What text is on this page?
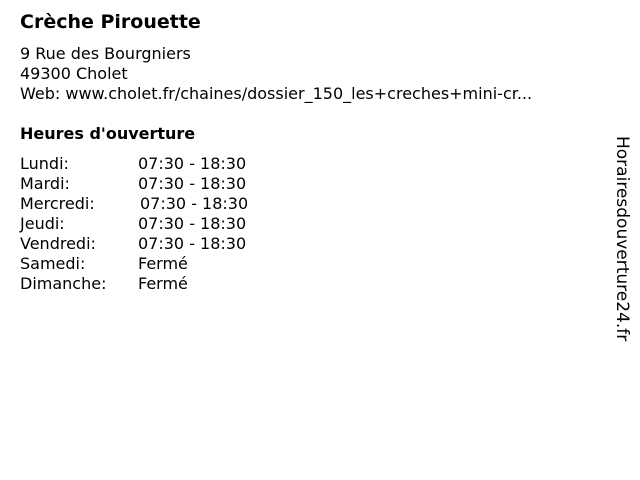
Crèche Pirouette
9 Rue des Bourgniers
49300 Cholet
Web: www.cholet.fr/chaines/dossier_150_les+creches+mini-cr...
Heures d'ouverture
Lundi:	07:30 - 18:30
Mardi:	07:30 - 18:30
Mercredi:	07:30 - 18:30
Jeudi:	07:30 - 18:30
Vendredi:	07:30 - 18:30
Samedi:	Fermé
Dimanche: Fermé	Horairesdouverture24.fr
